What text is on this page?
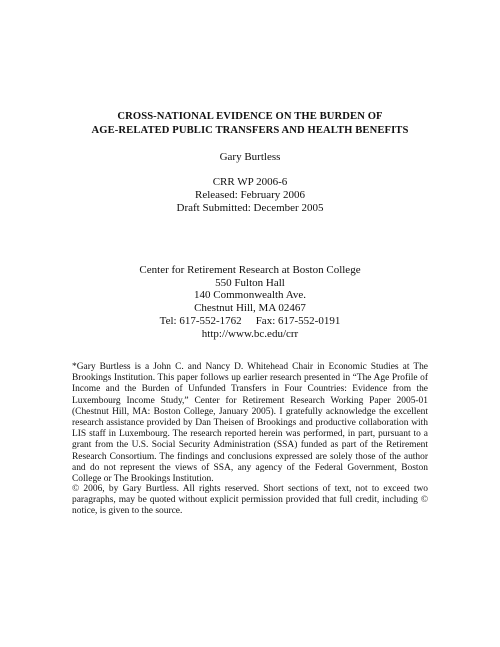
CROSS-NATIONAL EVIDENCE ON THE BURDEN OF
AGE-RELATED PUBLIC TRANSFERS AND HEALTH BENEFITS
Gary Burtless
CRR WP 2006-6
Released: February 2006
Draft Submitted: December 2005
Center for Retirement Research at Boston College
550 Fulton Hall
140 Commonwealth Ave.
Chestnut Hill, MA 02467
Tel: 617-552-1762 Fax: 617-552-0191
http://www.bc.edu/crr

*Gary Burtless is a John C. and Nancy D. Whitehead Chair in Economic Studies at The Brookings Institution. This paper follows up earlier research presented in “The Age Profile of Income and the Burden of Unfunded Transfers in Four Countries: Evidence from the Luxembourg Income Study,” Center for Retirement Research Working Paper 2005-01 (Chestnut Hill, MA: Boston College, January 2005). I gratefully acknowledge the excellent research assistance provided by Dan Theisen of Brookings and productive collaboration with LIS staff in Luxembourg. The research reported herein was performed, in part, pursuant to a grant from the U.S. Social Security Administration (SSA) funded as part of the Retirement Research Consortium. The findings and conclusions expressed are solely those of the author and do not represent the views of SSA, any agency of the Federal Government, Boston College or The Brookings Institution.

© 2006, by Gary Burtless. All rights reserved. Short sections of text, not to exceed two paragraphs, may be quoted without explicit permission provided that full credit, including © notice, is given to the source.
